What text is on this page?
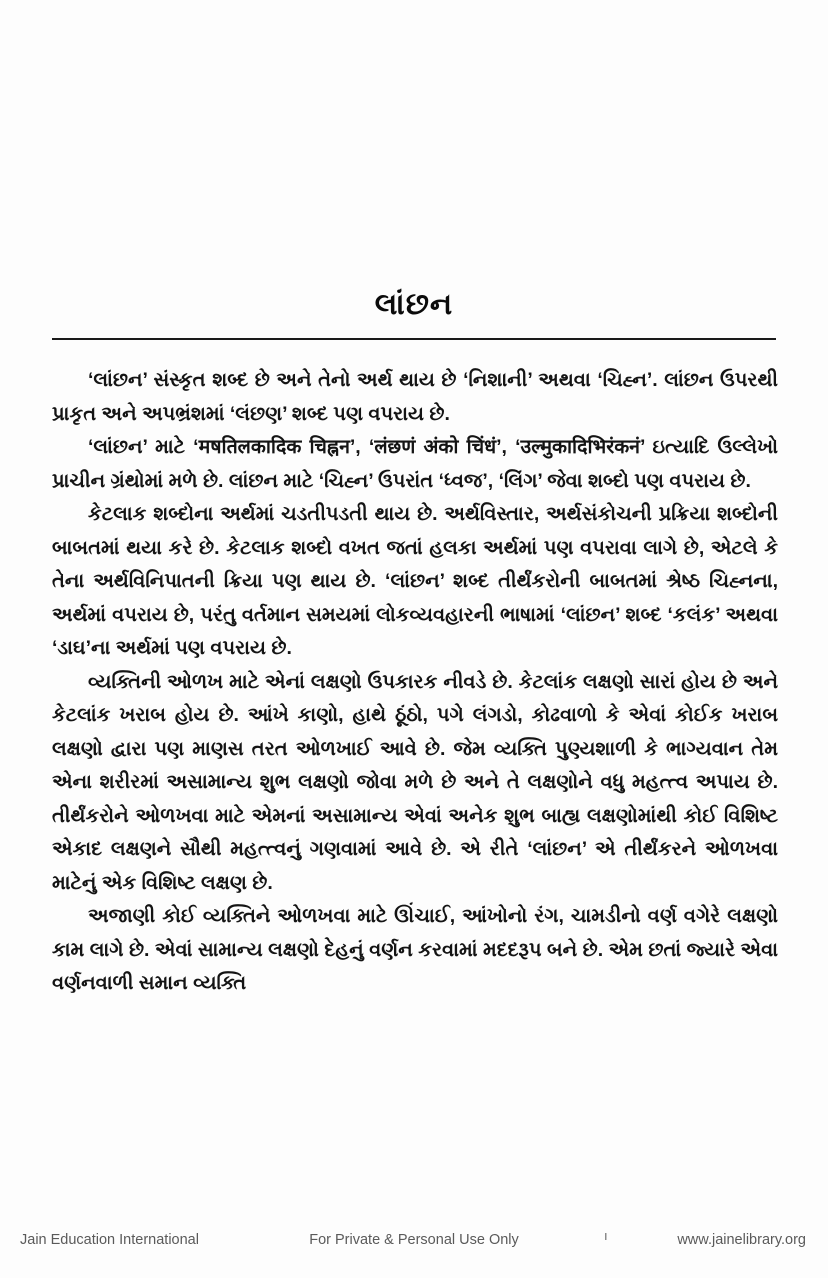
લાંછન

‘લાંછન’ સંસ્કૃત શબ્દ છે અને તેનો અર્થ થાય છે ‘નિશાની’ અથવા ‘ચિહ્ન’. લાંછન ઉપરથી પ્રાકૃત અને અપભ્રંશમાં ‘લંછણ’ શબ્દ પણ વપરાય છે.

‘લાંછન’ માટે ‘मषतिलकादिक चिह्नन’, ‘लंछणं अंको चिंधं’, ‘उल्मुकादिभिरंकनं’ ઇત્યાદિ ઉલ્લેખો પ્રાચીન ગ્રંથોમાં મળે છે. લાંછન માટે ‘ચિહ્ન’ ઉપરાંત ‘ધ્વજ’, ‘લિંગ’ જેવા શબ્દો પણ વપરાય છે.

કેટલાક શબ્દોના અર્થમાં ચડતીપડતી થાય છે. અર્થવિસ્તાર, અર્થસંકોચની પ્રક્રિયા શબ્દોની બાબતમાં થયા કરે છે. કેટલાક શબ્દો વખત જતાં હલકા અર્થમાં પણ વપરાવા લાગે છે, એટલે કે તેના અર્થવિનિપાતની ક્રિયા પણ થાય છે. ‘લાંછન’ શબ્દ તીર્થંકરોની બાબતમાં શ્રેષ્ઠ ચિહ્નના, અર્થમાં વપરાય છે, પરંતુ વર્તમાન સમયમાં લોકવ્યવહારની ભાષામાં ‘લાંછન’ શબ્દ ‘કલંક’ અથવા ‘ડાઘ’ના અર્થમાં પણ વપરાય છે.

વ્યક્તિની ઓળખ માટે એનાં લક્ષણો ઉપકારક નીવડે છે. કેટલાંક લક્ષણો સારાં હોય છે અને કેટલાંક ખરાબ હોય છે. આંખે કાણો, હાથે ઠૂંઠો, પગે લંગડો, કોઢવાળો કે એવાં કોઈક ખરાબ લક્ષણો દ્વારા પણ માણસ તરત ઓળખાઈ આવે છે. જેમ વ્યક્તિ પુણ્યશાળી કે ભાગ્યવાન તેમ એના શરીરમાં અસામાન્ય શુભ લક્ષણો જોવા મળે છે અને તે લક્ષણોને વધુ મહત્ત્વ અપાય છે. તીર્થંકરોને ઓળખવા માટે એમનાં અસામાન્ય એવાં અનેક શુભ બાહ્ય લક્ષણોમાંથી કોઈ વિશિષ્ટ એકાદ લક્ષણને સૌથી મહત્ત્વનું ગણવામાં આવે છે. એ રીતે ‘લાંછન’ એ તીર્થંકરને ઓળખવા માટેનું એક વિશિષ્ટ લક્ષણ છે.

અજાણી કોઈ વ્યક્તિને ઓળખવા માટે ઊંચાઈ, આંખોનો રંગ, ચામડીનો વર્ણ વગેરે લક્ષણો કામ લાગે છે. એવાં સામાન્ય લક્ષણો દેહનું વર્ણન કરવામાં મદદરૂપ બને છે. એમ છતાં જ્યારે એવા વર્ણનવાળી સમાન વ્યક્તિ

ı
Jain Education International	For Private & Personal Use Only	www.jainelibrary.org
